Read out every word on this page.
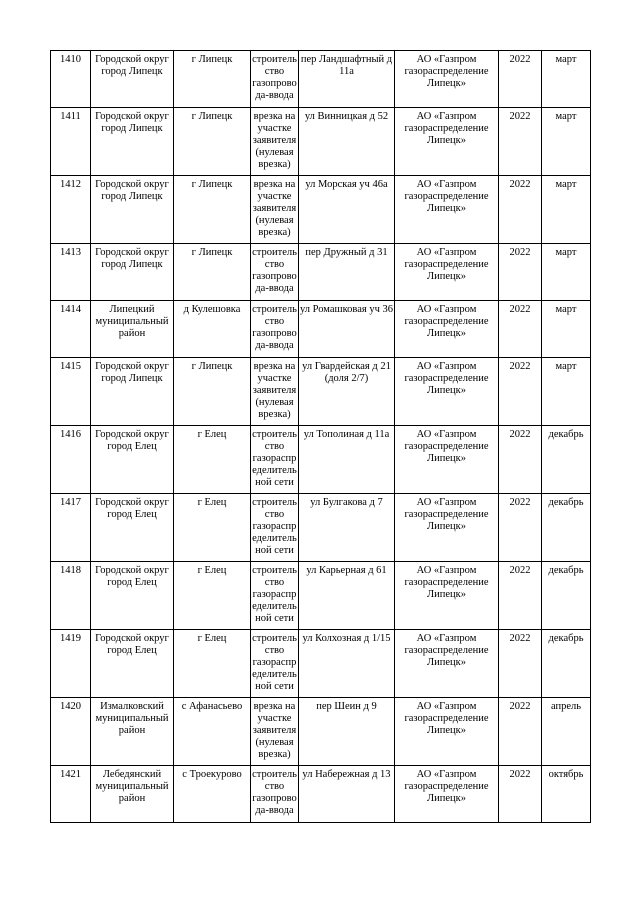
1410	Городской округ город Липецк	г Липецк	строитель ство газопрово да-ввода	пер Ландшафтный д 11а	АО «Газпром газораспределение Липецк»	2022	март

1411	Городской округ город Липецк	г Липецк	врезка на участке заявителя (нулевая врезка)	ул Винницкая д 52	АО «Газпром газораспределение Липецк»	2022	март

1412	Городской округ город Липецк	г Липецк	врезка на участке заявителя (нулевая врезка)	ул Морская уч 46а	АО «Газпром газораспределение Липецк»	2022	март

1413	Городской округ город Липецк	г Липецк	строитель ство газопрово да-ввода	пер Дружный д 31	АО «Газпром газораспределение Липецк»	2022	март

1414	Липецкий муниципальный район	д Кулешовка	строитель ство газопрово да-ввода	ул Ромашковая уч 36	АО «Газпром газораспределение Липецк»	2022	март

1415	Городской округ город Липецк	г Липецк	врезка на участке заявителя (нулевая врезка)	ул Гвардейская д 21 (доля 2/7)	АО «Газпром газораспределение Липецк»	2022	март

1416	Городской округ город Елец	г Елец	строитель ство газораспр еделитель ной сети	ул Тополиная д 11а	АО «Газпром газораспределение Липецк»	2022	декабрь

1417	Городской округ город Елец	г Елец	строитель ство газораспр еделитель ной сети	ул Булгакова д 7	АО «Газпром газораспределение Липецк»	2022	декабрь

1418	Городской округ город Елец	г Елец	строитель ство газораспр еделитель ной сети	ул Карьерная д 61	АО «Газпром газораспределение Липецк»	2022	декабрь

1419	Городской округ город Елец	г Елец	строитель ство газораспр еделитель ной сети	ул Колхозная д 1/15	АО «Газпром газораспределение Липецк»	2022	декабрь

1420	Измалковский муниципальный район	с Афанасьево	врезка на участке заявителя (нулевая врезка)	пер Шеин д 9	АО «Газпром газораспределение Липецк»	2022	апрель

1421	Лебедянский муниципальный район	с Троекурово	строитель ство газопрово да-ввода	ул Набережная д 13	АО «Газпром газораспределение Липецк»	2022	октябрь
